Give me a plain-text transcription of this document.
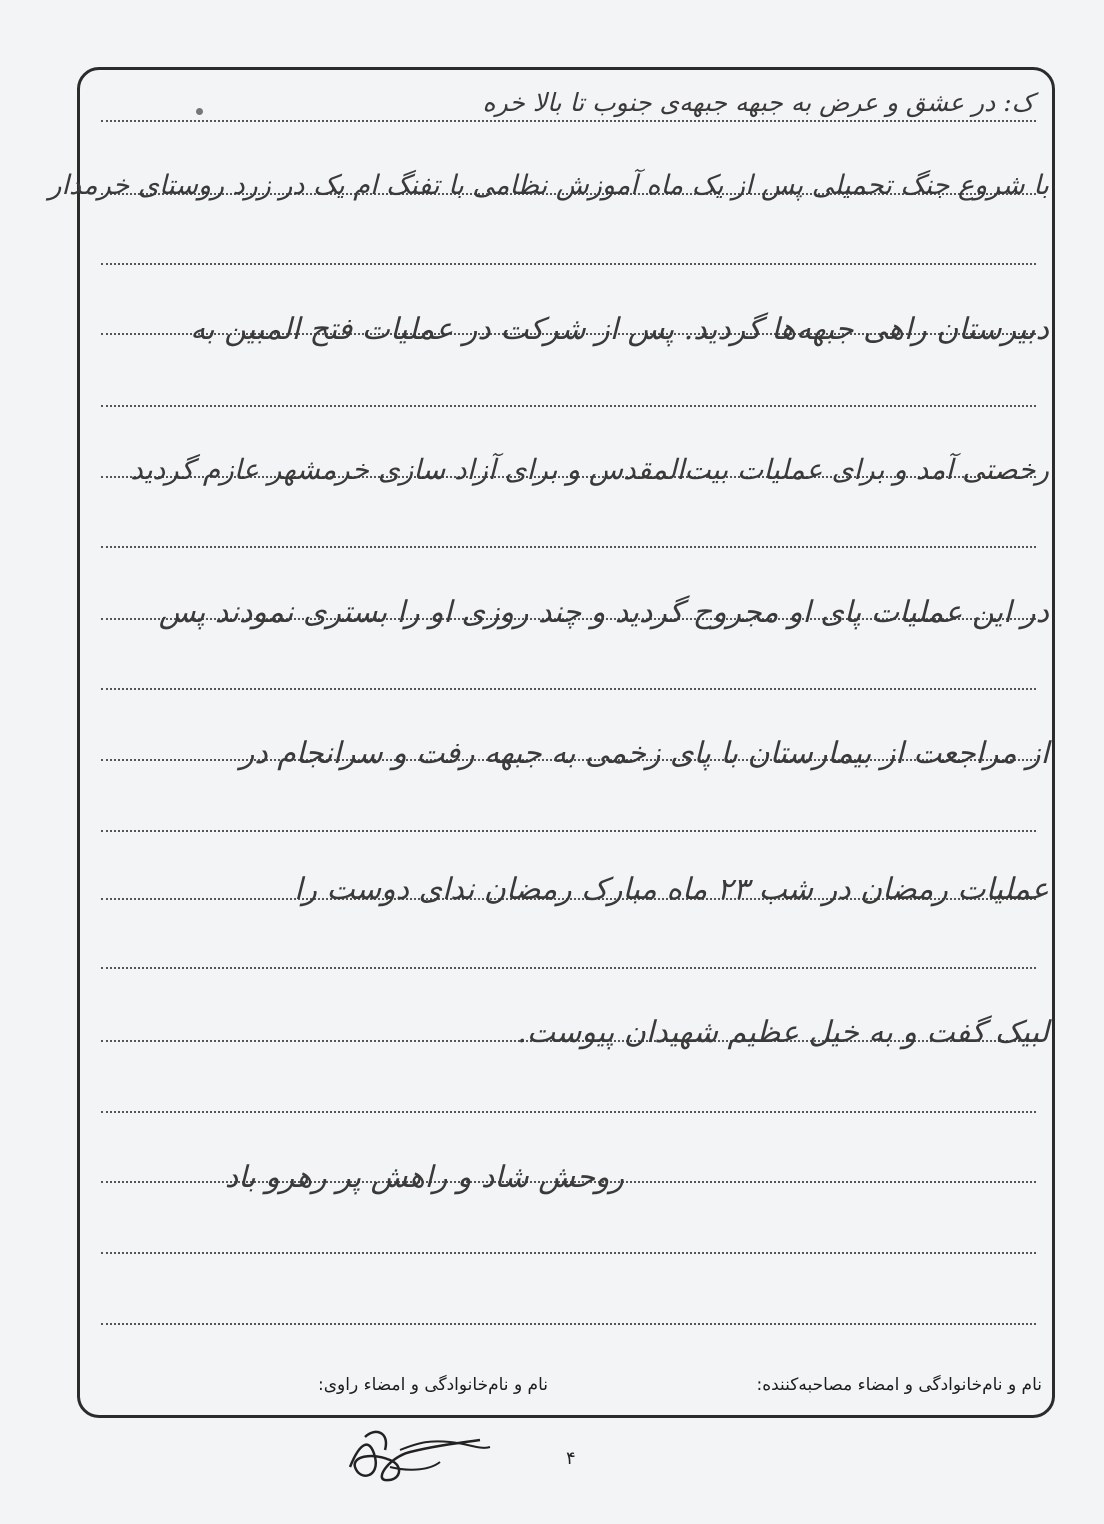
ک: در عشق و عرض به جبهه جبهه‌ی جنوب تا بالا خره
با شروع جنگ تحمیلی پس از یک ماه آموزش نظامی با تفنگ ام یک در زرد روستای خرمدار
دبیرستان راهی جبهه‌ها گردید. پس از شرکت در عملیات فتح المبین به
رخصتی آمد و برای عملیات بیت‌المقدس و برای آزاد سازی خرمشهر عازم گردید
در این عملیات پای او مجروح گردید و چند روزی او را بستری نمودند پس
از مراجعت از بیمارستان با پای زخمی به جبهه رفت و سرانجام در
عملیات رمضان در شب ۲۳ ماه مبارک رمضان ندای دوست را
لبیک گفت و به خیل عظیم شهیدان پیوست.
روحش شاد و راهش پر رهرو باد
نام و نام‌خانوادگی و امضاء مصاحبه‌کننده:
نام و نام‌خانوادگی و امضاء راوی:
۴
